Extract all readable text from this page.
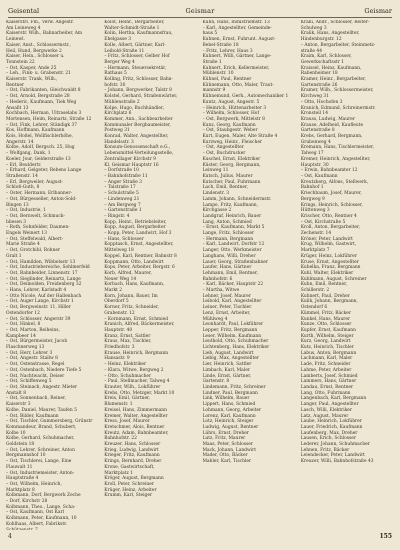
Geisental	Geismar	Geismar
Kaiserstrl. Fm., Verw. Angestr.
Am Leineweg 4
Kaiserstr. Wilh., Bahnarbeiter, Am
Leinewl.
Kaiser, Anst., Schlossermstr.,
Heil, Hund, Bergwerke 2
Kaiser, Hein., Schlosser u.
Tonnstein 22
– Ost, Kasper, Ande 25
– Leh., Fink- u. Grabenstr. 21
Kaiserstr. Trank, Wilh.,
Rentner
– Ost, Fabrikanten, Gleichwaldt 8
– Ost, Arnold, Bergstraße 28
– Hederic, Kaufmann, Tiek Weg
Ansallt 13
Kochbach, Herman, Ultraselabs 3
Mortensen, Heim, Reinartz, Straße 12
– Ost, Fink, Lehrer, Ständigk 37
Kos, Hoffmann, Kaufmann
Kols, Hoßel, Wollfischlerhöhe,
Angerstr. 14
Kolbe, Adolf, Bergsch. 25, Hug
– Wolfgang, Dank, 1
Koeler, Jour, Gelderstraße 13
– Erl, Beuldertr.
– Erhard, Gelgeter, Rebens Lange
Straßenstr. 14
– Erl, Bergweiler, August-
Schloß-Guth, 8
– Oster, Hermann, Erlbanner-
– Ost, Bürgesseller, Anton-Sold-
Bingen 13
– Ost, Industrie, 1
– Ost, Bernwelt, Schmuck-
bliesen 3
– Roth, Sohnfelder, Daumen-
Engels Weinert 13
– Ost, Steffelwald, Albert-
Marie Straße 4
– Ost, Grotchibl, Rohner
Gralt 1
– Ost, Hamilden, Wibbelsstr 13
– Ost, Industriebereiche, Sohlmerfeld
– Ost, Bahnbeider, Linnenstr. 17
– Ost, Sieglinder, Reinartz, Lange
– Ost, Deimolden, Freidenberg 32
– Hans, Lehrer, Karlstadt 4
– Otto Nicole, Auf der Hallenbach
– Ost, Auger Lange, Kirchstr 1
– Ost, Bergweinstr. 11, Hiller
Ostendorfer 12
– Ost, Schlosser, Angerstr 39
– Ost, Hinkel, 8
– Ost, Marton, Reiheins,
Kampbeer 14
– Ost, Bürgermeister, Jacob
Flaschnerweg 13
– Ost, Herr, Lehrer 3
– Ost, Angestr. Stallw 8
– Ost, Ostenstrasse, Regel
– Ost, Ostenbach, Niedere Tiefe 5
– Ost, Nachtwacht, Deiser
– Ost, Schiffenweg 5
– Ost, Steinach, Angestr. Mieter
Anstalt 8
– Ost, Sonnenbach, Reiner,
Kaiserstr 3
Kolbe, Daniel, Maurer, Taufen 5
– Ost, Bilder, Kaufmann
– Ost, Tischler, Gummersberg, Grünstr
Kommandeur, Brand, Schubert,
Kolbe 10
Kolbe, Gerhard, Schuhmacher,
Goldstein 18
– Ost, Lehrer, Schreiner, Anton
Bergmannshof 10
– Ost, Tischlerei, Lange, Eine
Flauwalt 11
– Ost, Industriemeister, Anton-
Hauptstraße 4
– Ost, Wilhelm, Heinrich,
Marktplatz 8
Kolbmann, Dorf, Bergwerk Zeche
– Dorf, Kirchstr 28
Kolbmann, Theo., Lange, Scha-
– Ost, Kaufmann, Ost Karl
Kolbmann, Peter, Kaufmann, 10
Kohlhaas, Albert, Fabrikstr.
Kolof, Heinr., Bergarbeiter,
Walter-Schmidt-Straße 1
Kolin, Hertha, Kaufmannsfrau,
Ebelgasse 3
Kolle, Albert, Gärtner, Karl-
Leibold-Straße 11
– Fritz, Schlosser, Gelber Hof
Berger Weg 4
– Hermann, Steuersekretär,
Rathaus 5
Kolling, Fritz, Schlosser, Bahn-
hofstr. 30
– Johann, Bergwerker, Talstr 8
Kolstel, Gerhard, Straßenwärter,
Mühlenstraße 2
Kolpe, Hugo, Buchhändler,
Kirchplatz 6
Kommer, Ann., Sachbearbeiter
Kommunaler Bergbaumeister,
Postweg 31
Konrad, Walter, Angestellter,
Handelsstr. 3
Konsum-Genossenschaft e.G.,
Lebensmittel-Verteilungsstelle,
Zentrallager Kirchstr 9
Kl. Geismar Hauptstr 16
– Dorfstraße 10
– Bahnhofstraße 11
– Anger Straße 3
– Talstraße 17
– Schulstraße 5
– Lindenweg 21
– Am Bergweg 7
– Gartenstraße 1
– Ringstr. 4
Kopp, Heinr., Betriebsleiter,
Kopp, August, Bergarbeiter
– Kopp, Peter, Landwirt, Hof 3
– Hans, Schlosser
Kopptasch, Ernst, Angestellter,
Mittelweg 18
Koppel, Karl, Rentner, Bahnstr 8
Koppmann, Otto, Landwirt
Kops, Peter, Arbeiter, Bergstr. 6
Korb, Alfred, Maurer,
Neuer Weg 14
Korbach, Hans, Kaufmann,
Markt 2
Korn, Johann, Bauer, Im
Oberdorf 5
Korner, Fritz, Schneider,
Grabenstr. 12
– Kornmann, Ernst, Schmied
Kranich, Alfred, Bäckermeister,
Hauptstr. 40
Kranz, Ernst, Sattler
Kraus, Max, Tischler,
Friedhofstr. 3
Krause, Heinrich, Bergmann
Hansastr. 9
– Heinz, Elektriker
– Klara, Witwe, Bergweg 2
– Otto, Schuhmacher
– Paul, Stellmacher, Talweg 4
Krauter, Wilh., Lokführer
Krebs, Otto, Metzger, Markt 10
Kreis, Emil, Gärtner,
Blumenstr. 1
Kreisel, Hans, Zimmermann
Kremer, Walter, Angestellter
Kress, Josef, Maurer
Kretschmer, Alois, Rentner
Kreutz, Adam, Bahnbeamter,
Bahnhofstr. 22
Kreuzer, Hans, Schlosser
Krieg, Ludwig, Landwirt
Krieger, Fritz, Kaufmann
Krings, Bernhard, Dreher
Krone, Gastwirtschaft,
Marktplatz 1
Kröger, August, Bergmann
Kroll, Peter, Schreiner
Krüger, Heinz, Arbeiter
Krumm, Karl, Steiger
Kuhn, Hans, Industriemstr. 13
– Karl, Angestellter, Gemeinde-
haus 5
Kuhnen, Ernst, Fuhrunt. August-
Bebel-Straße 18
– Fritz, Lehrer, Haus 3
Kuhnert, Willi, Gärtner, Lange-
Straße 1
Kuhnert, Erich, Kellermeister,
Mühlenstr. 10
Kühnel, Paul, Rentner
Kühnemann, Otto, Maler, Traut-
mannstr 9
Kühnemund, Gerh., Automechaniker 1
Kuntz, August, Angestr. 5
– Heinrich, Hüttenarbeiter 3
– Wilhelm, Schlosser, Hof
– Ost, Bergwerk, Mittelstr 8
Kunz, Georg, Kaufmann
– Ost, Staubgestr. Weber
Kurt, Eugen, Maler, Alte Straße 4
Kurzweg, Heinr., Fleischer
– Ost, Angestellter
– Ost, Buchdrucker
Kuschel, Ernst, Elektriker
Küster, Georg, Bergmann,
Leinweg 11
Kutsch, Julius, Maurer
Kutscher, Paul, Fuhrmann
Lach, Emil, Rentner,
Lindenstr. 3
Lamm, Johann, Schneidermstr.
Lampe, Fritz, Kaufmann,
Kirchgasse 2
Landgraf, Heinrich, Bauer
Lang, Anton, Schmied
– Ernst, Kaufmann, Markt 5
Lange, Fritz, Schlosser
– Hermann, Bergmann
– Karl, Landwirt, Dorfstr 12
Langer, Otto, Werkmeister
Langhans, Willi, Dreher
Lauer, Georg, Straßenbahner
Laufer, Hans, Gärtner
Lehmann, Emil, Rentner,
Bahnhofstr. 6
– Karl, Bäcker, Hauptstr 22
– Martha, Witwe
Lehner, Josef, Maurer
Leibold, Karl, Angestellter
Leiner, Peter, Tischler
Lenz, Ernst, Arbeiter,
Mühlweg 4
Leonhardt, Paul, Lokführer
Lepper, Fritz, Bergmann
Leser, Wilhelm, Kaufmann
Leuthold, Otto, Schuhmacher
Lichtenberg, Hans, Elektriker
Lieb, August, Landwirt
Liebig, Max, Angestellter
Lier, Heinrich, Sattler
Limbach, Karl, Maler
Linde, Ernst, Gärtner,
Gartenstr. 8
Lindemann, Fritz, Schreiner
Lindner, Paul, Bergmann
Link, Wilhelm, Bauer
Lippert, Hans, Schmied
Lohmann, Georg, Arbeiter
Lorenz, Karl, Kaufmann
Lotz, Heinrich, Steiger
Ludwig, August, Rentner
Lührs, Ernst, Dreher
Lutz, Fritz, Maurer
Maas, Peter, Schlosser
Mack, Johann, Landwirt
Mader, Otto, Bäcker
Mahler, Karl, Tischler
Kralli, Andr., Schlosser, Reiter-
Schulweg 3
Kralik, Hans, Angestellter,
Hindenburgstr. 12
– Anton, Bergarbeiter, Steinmetz-
straße 44
Kraim, Karl, Schlosser,
Gewerkschaftsstr 1
Kraissel, Heinz, Kaufmann,
Rabenheimer 18
Kramer, Heinr., Bergarbeiter,
Gartenstraße 26
Kramer, Wilh., Schlossermeister,
Kirchweg 31
– Otto, Hochofen 3
Kranich, Edmund, Schreinermstr.
Kronsteil 14
Krauss, Ludwig, Maurer
Krause, Adelheid, Kaufleute
Gartenstraße 8
Krebs, Gerhard, Bergmann,
Grubenweg 4
Kremann, Hans, Tischlermeister,
Talweg 17
Kremer, Heinrich, Angestellter,
Hauptstr. 30
– Erwin, Bahnbeamter 12
– Ost, Kaufmann
Kreutzberg, Alfons, Stellwerk,
Bahnhof 1
Kriechbaum, Josef, Maurer,
Bergweg 9
Krings, Heinrich, Schlosser,
Hüttenweg 3
Krischer, Otto, Rentner 4
– Ost, Kirchstraße 5
Kroll, Anton, Bergarbeiter,
Zechenstr. 14
Kröner, Peter, Landwirt
Krug, Wilhelm, Gastwirt,
Marktplatz 7
Krüger, Heinz, Lokführer
Kruse, Ernst, Angestellter
Kubelka, Franz, Bergmann
Kuhl, Walter, Elektriker
Kuhlmann, August, Schreiner
Kuhn, Emil, Rentner,
Schillerstr. 2
Kuhnert, Paul, Dreher
Kulik, Johann, Bergmann,
Ostendorf 6
Kümmel, Fritz, Bäcker
Kunkel, Hans, Maurer
Kunze, Otto, Schlosser
Kupfer, Ernst, Kaufmann
Kurth, Wilhelm, Steiger
Kurz, Georg, Landwirt
Kutz, Heinrich, Tischler
Labus, Anton, Bergmann
Lachmann, Karl, Maler
Lade, Fritz, Schneider
Lahme, Peter, Arbeiter
Lamberts, Josef, Schmied
Lammers, Hans, Gärtner
Landau, Ernst, Rentner
Lang, Otto, Fuhrmann
Langenbach, Karl, Bergmann
Langer, Paul, Angestellter
Lasch, Willi, Elektriker
Latz, August, Maurer
Laube, Heinrich, Lokführer
Lauer, Friedrich, Kaufmann
Laufenberg, Max, Dreher
Lausen, Erich, Schlosser
Lederer, Johann, Schuhmacher
Lehnen, Fritz, Bäcker
Leiendecker, Peter, Landwirt
Kreuzer, Willi, Bahnhofstraße 43
4	155
